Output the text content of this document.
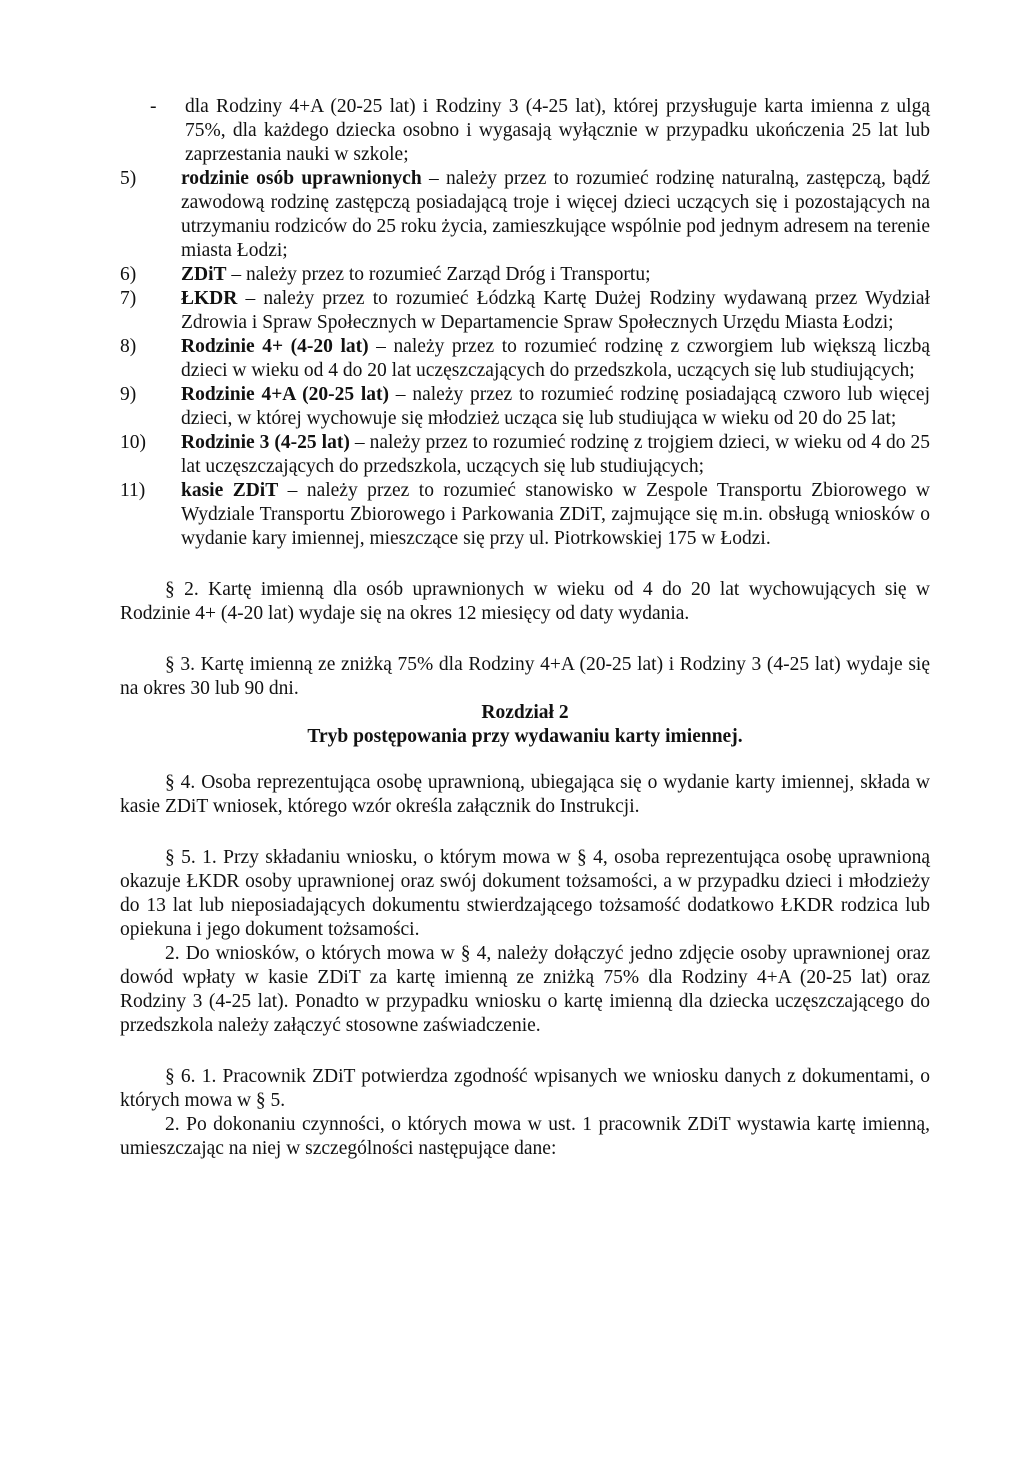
- dla Rodziny 4+A (20-25 lat) i Rodziny 3 (4-25 lat), której przysługuje karta imienna z ulgą 75%, dla każdego dziecka osobno i wygasają wyłącznie w przypadku ukończenia 25 lat lub zaprzestania nauki w szkole;
5)	rodzinie osób uprawnionych – należy przez to rozumieć rodzinę naturalną, zastępczą, bądź zawodową rodzinę zastępczą posiadającą troje i więcej dzieci uczących się i pozostających na utrzymaniu rodziców do 25 roku życia, zamieszkujące wspólnie pod jednym adresem na terenie miasta Łodzi;
6)	ZDiT – należy przez to rozumieć Zarząd Dróg i Transportu;
7)	ŁKDR – należy przez to rozumieć Łódzką Kartę Dużej Rodziny wydawaną przez Wydział Zdrowia i Spraw Społecznych w Departamencie Spraw Społecznych Urzędu Miasta Łodzi;
8)	Rodzinie 4+ (4-20 lat) – należy przez to rozumieć rodzinę z czworgiem lub większą liczbą dzieci w wieku od 4 do 20 lat uczęszczających do przedszkola, uczących się lub studiujących;
9)	Rodzinie 4+A (20-25 lat) – należy przez to rozumieć rodzinę posiadającą czworo lub więcej dzieci, w której wychowuje się młodzież ucząca się lub studiująca w wieku od 20 do 25 lat;
10)	Rodzinie 3 (4-25 lat) – należy przez to rozumieć rodzinę z trojgiem dzieci, w wieku od 4 do 25 lat uczęszczających do przedszkola, uczących się lub studiujących;
11)	kasie ZDiT – należy przez to rozumieć stanowisko w Zespole Transportu Zbiorowego w Wydziale Transportu Zbiorowego i Parkowania ZDiT, zajmujące się m.in. obsługą wniosków o wydanie kary imiennej, mieszczące się przy ul. Piotrkowskiej 175 w Łodzi.

§ 2. Kartę imienną dla osób uprawnionych w wieku od 4 do 20 lat wychowujących się w Rodzinie 4+ (4-20 lat) wydaje się na okres 12 miesięcy od daty wydania.

§ 3. Kartę imienną ze zniżką 75% dla Rodziny 4+A (20-25 lat) i Rodziny 3 (4-25 lat) wydaje się na okres 30 lub 90 dni.

Rozdział 2

Tryb postępowania przy wydawaniu karty imiennej.

§ 4. Osoba reprezentująca osobę uprawnioną, ubiegająca się o wydanie karty imiennej, składa w kasie ZDiT wniosek, którego wzór określa załącznik do Instrukcji.

§ 5. 1. Przy składaniu wniosku, o którym mowa w § 4, osoba reprezentująca osobę uprawnioną okazuje ŁKDR osoby uprawnionej oraz swój dokument tożsamości, a w przypadku dzieci i młodzieży do 13 lat lub nieposiadających dokumentu stwierdzającego tożsamość dodatkowo ŁKDR rodzica lub opiekuna i jego dokument tożsamości.

2. Do wniosków, o których mowa w § 4, należy dołączyć jedno zdjęcie osoby uprawnionej oraz dowód wpłaty w kasie ZDiT za kartę imienną ze zniżką 75% dla Rodziny 4+A (20-25 lat) oraz Rodziny 3 (4-25 lat). Ponadto w przypadku wniosku o kartę imienną dla dziecka uczęszczającego do przedszkola należy załączyć stosowne zaświadczenie.

§ 6. 1. Pracownik ZDiT potwierdza zgodność wpisanych we wniosku danych z dokumentami, o których mowa w § 5.

2. Po dokonaniu czynności, o których mowa w ust. 1 pracownik ZDiT wystawia kartę imienną, umieszczając na niej w szczególności następujące dane:
